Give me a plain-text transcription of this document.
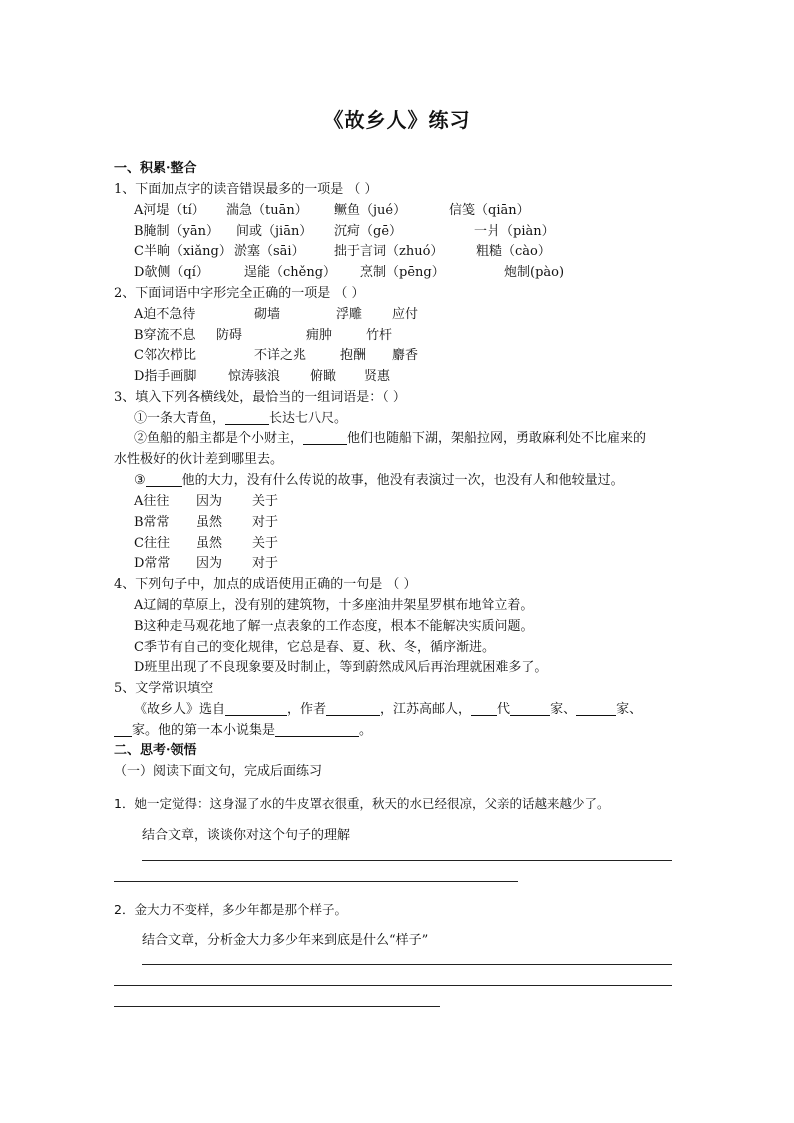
《故乡人》练习
一、积累·整合
1、下面加点字的读音错误最多的一项是 （ ）
A河堤（tí） 湍急（tuān） 鳜鱼（jué）	信笺（qiān）
B腌制（yān） 间或（jiān） 沉疴（gē）	一爿（piàn）
C半晌（xiǎng） 淤塞（sāi） 拙于言词（zhuó）	粗糙（cào）
D欹侧（qí）	逞能（chěng） 烹制（pēng）	炮制(pào)
2、下面词语中字形完全正确的一项是 （ ）
A迫不急待	砌墙	浮雕 应付
B穿流不息 防碍	痈肿	竹杆
C邻次栉比	不详之兆	抱酬 麝香
D指手画脚 惊涛骇浪 俯瞰 贤惠
3、填入下列各横线处，最恰当的一组词语是：（ ）
①一条大青鱼，	长达七八尺。
②鱼船的船主都是个小财主，	他们也随船下湖，架船拉网，勇敢麻利处不比雇来的
水性极好的伙计差到哪里去。
③	他的大力，没有什么传说的故事，他没有表演过一次，也没有人和他较量过。
A往往 因为 关于
B常常 虽然 对于
C往往 虽然 关于
D常常 因为 对于
4、下列句子中，加点的成语使用正确的一句是 （ ）
A辽阔的草原上，没有别的建筑物，十多座油井架星罗棋布地耸立着。
B这种走马观花地了解一点表象的工作态度，根本不能解决实质问题。
C季节有自己的变化规律，它总是春、夏、秋、冬，循序渐进。
D班里出现了不良现象要及时制止，等到蔚然成风后再治理就困难多了。
5、文学常识填空
《故乡人》选自	，作者	，江苏高邮人， 代	家、	家、
家。他的第一本小说集是	。
二、思考·领悟
（一）阅读下面文句，完成后面练习
1．她一定觉得：这身湿了水的牛皮罩衣很重，秋天的水已经很凉，父亲的话越来越少了。
结合文章，谈谈你对这个句子的理解
2．金大力不变样，多少年都是那个样子。
结合文章，分析金大力多少年来到底是什么“样子”
